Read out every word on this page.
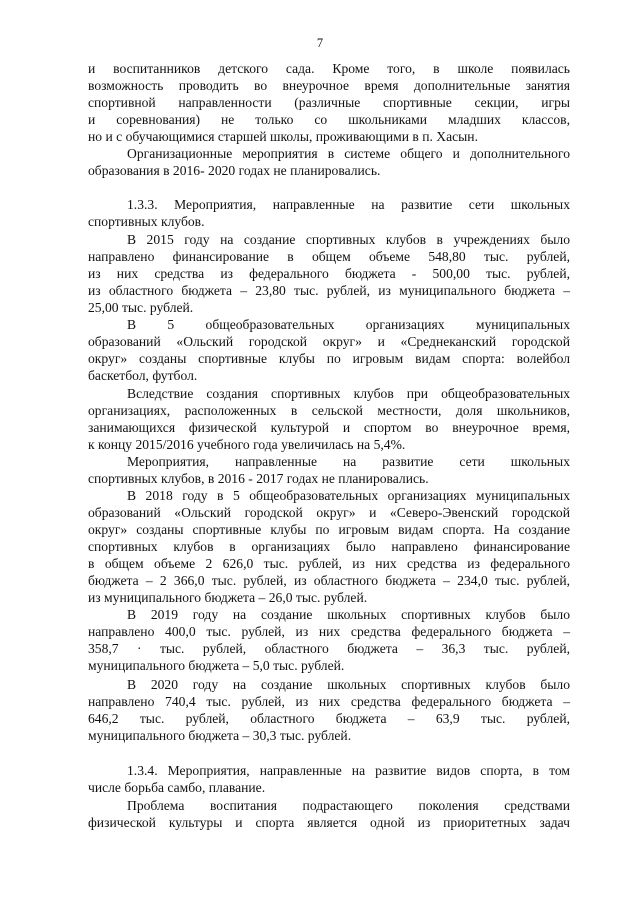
7
и воспитанников детского сада. Кроме того, в школе появилась
возможность проводить во внеурочное время дополнительные занятия
спортивной направленности (различные спортивные секции, игры
и соревнования) не только со школьниками младших классов,
но и с обучающимися старшей школы, проживающими в п. Хасын.
Организационные мероприятия в системе общего и дополнительного
образования в 2016- 2020 годах не планировались.
1.3.3. Мероприятия, направленные на развитие сети школьных
спортивных клубов.
В 2015 году на создание спортивных клубов в учреждениях было
направлено финансирование в общем объеме 548,80 тыс. рублей,
из них средства из федерального бюджета - 500,00 тыс. рублей,
из областного бюджета – 23,80 тыс. рублей, из муниципального бюджета –
25,00 тыс. рублей.
В 5 общеобразовательных организациях муниципальных
образований «Ольский городской округ» и «Среднеканский городской
округ» созданы спортивные клубы по игровым видам спорта: волейбол
баскетбол, футбол.
Вследствие создания спортивных клубов при общеобразовательных
организациях, расположенных в сельской местности, доля школьников,
занимающихся физической культурой и спортом во внеурочное время,
к концу 2015/2016 учебного года увеличилась на 5,4%.
Мероприятия, направленные на развитие сети школьных
спортивных клубов, в 2016 - 2017 годах не планировались.
В 2018 году в 5 общеобразовательных организациях муниципальных
образований «Ольский городской округ» и «Северо-Эвенский городской
округ» созданы спортивные клубы по игровым видам спорта. На создание
спортивных клубов в организациях было направлено финансирование
в общем объеме 2 626,0 тыс. рублей, из них средства из федерального
бюджета – 2 366,0 тыс. рублей, из областного бюджета – 234,0 тыс. рублей,
из муниципального бюджета – 26,0 тыс. рублей.
В 2019 году на создание школьных спортивных клубов было
направлено 400,0 тыс. рублей, из них средства федерального бюджета –
358,7 · тыс. рублей, областного бюджета – 36,3 тыс. рублей,
муниципального бюджета – 5,0 тыс. рублей.
В 2020 году на создание школьных спортивных клубов было
направлено 740,4 тыс. рублей, из них средства федерального бюджета –
646,2 тыс. рублей, областного бюджета – 63,9 тыс. рублей,
муниципального бюджета – 30,3 тыс. рублей.
1.3.4. Мероприятия, направленные на развитие видов спорта, в том
числе борьба самбо, плавание.
Проблема воспитания подрастающего поколения средствами
физической культуры и спорта является одной из приоритетных задач
